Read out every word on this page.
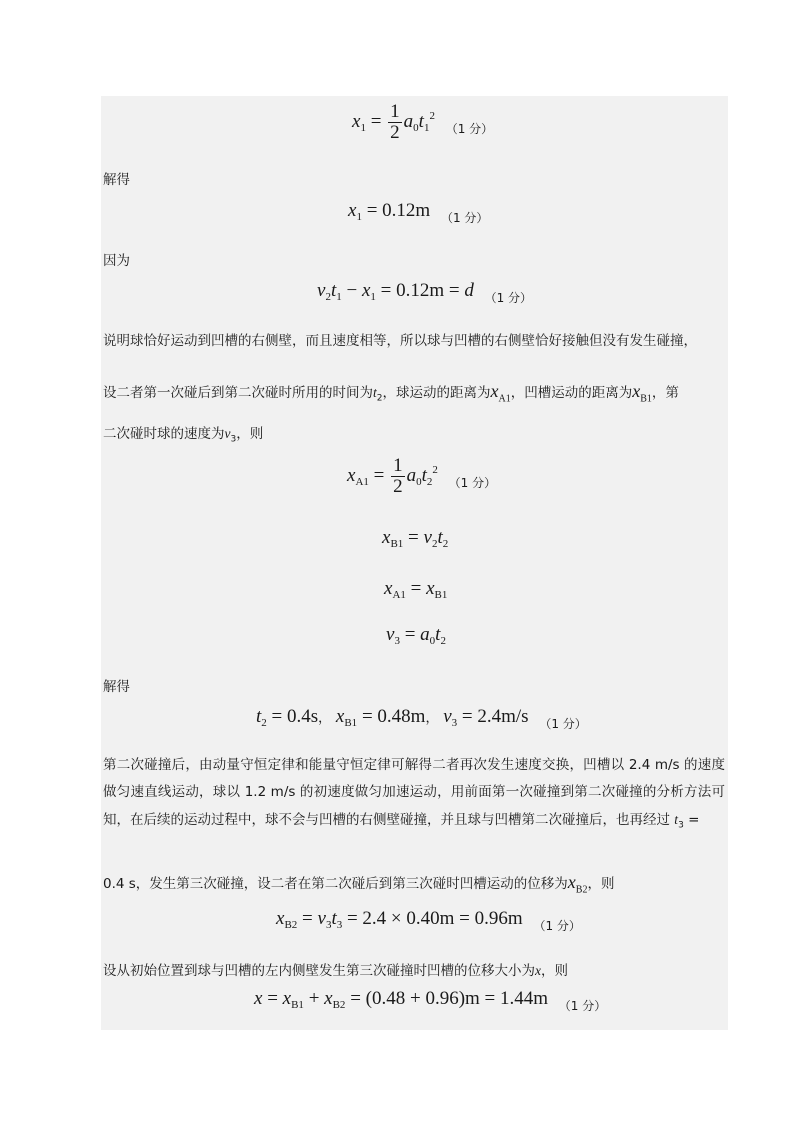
$x_1 = \frac{1}{2} a_0t_1^2$ $_{(1 分)}$
解得
$x_1 = 0.12m$ $_{(1 分)}$
因为
$v_2t_1 - x_1 = 0.12m = d$ $_{(1 分)}$
说明球恰好运动到凹槽的右侧壁，而且速度相等，所以球与凹槽的右侧壁恰好接触但没有发生碰撞，
设二者第一次碰后到第二次碰时所用的时间为$t_2$，球运动的距离为$x_{A1}$，凹槽运动的距离为$x_{B1}$，第
二次碰时球的速度为$v_3$，则
$x_{A1} = \frac{1}{2} a_0t_2^2$ $_{(1 分)}$
$x_{B1} = v_2t_2$
$x_{A1} = x_{B1}$
$v_3 = a_0t_2$
解得
$t_2 = 0.4s$， $x_{B1} = 0.48m$， $v_3 = 2.4m/s$ $_{(1 分)}$
第二次碰撞后，由动量守恒定律和能量守恒定律可解得二者再次发生速度交换，凹槽以 2.4 m/s 的速度做匀速直线运动，球以 1.2 m/s 的初速度做匀加速运动，用前面第一次碰撞到第二次碰撞的分析方法可知，在后续的运动过程中，球不会与凹槽的右侧壁碰撞，并且球与凹槽第二次碰撞后，也再经过 $t_3$ =
0.4 s，发生第三次碰撞，设二者在第二次碰后到第三次碰时凹槽运动的位移为$x_{B2}$，则
$x_{B2} = v_3t_3 = 2.4 \times 0.40m = 0.96m$ $_{(1 分)}$
设从初始位置到球与凹槽的左内侧壁发生第三次碰撞时凹槽的位移大小为x，则
$x = x_{B1} + x_{B2} = (0.48 + 0.96)m = 1.44m$ $_{(1 分)}$
